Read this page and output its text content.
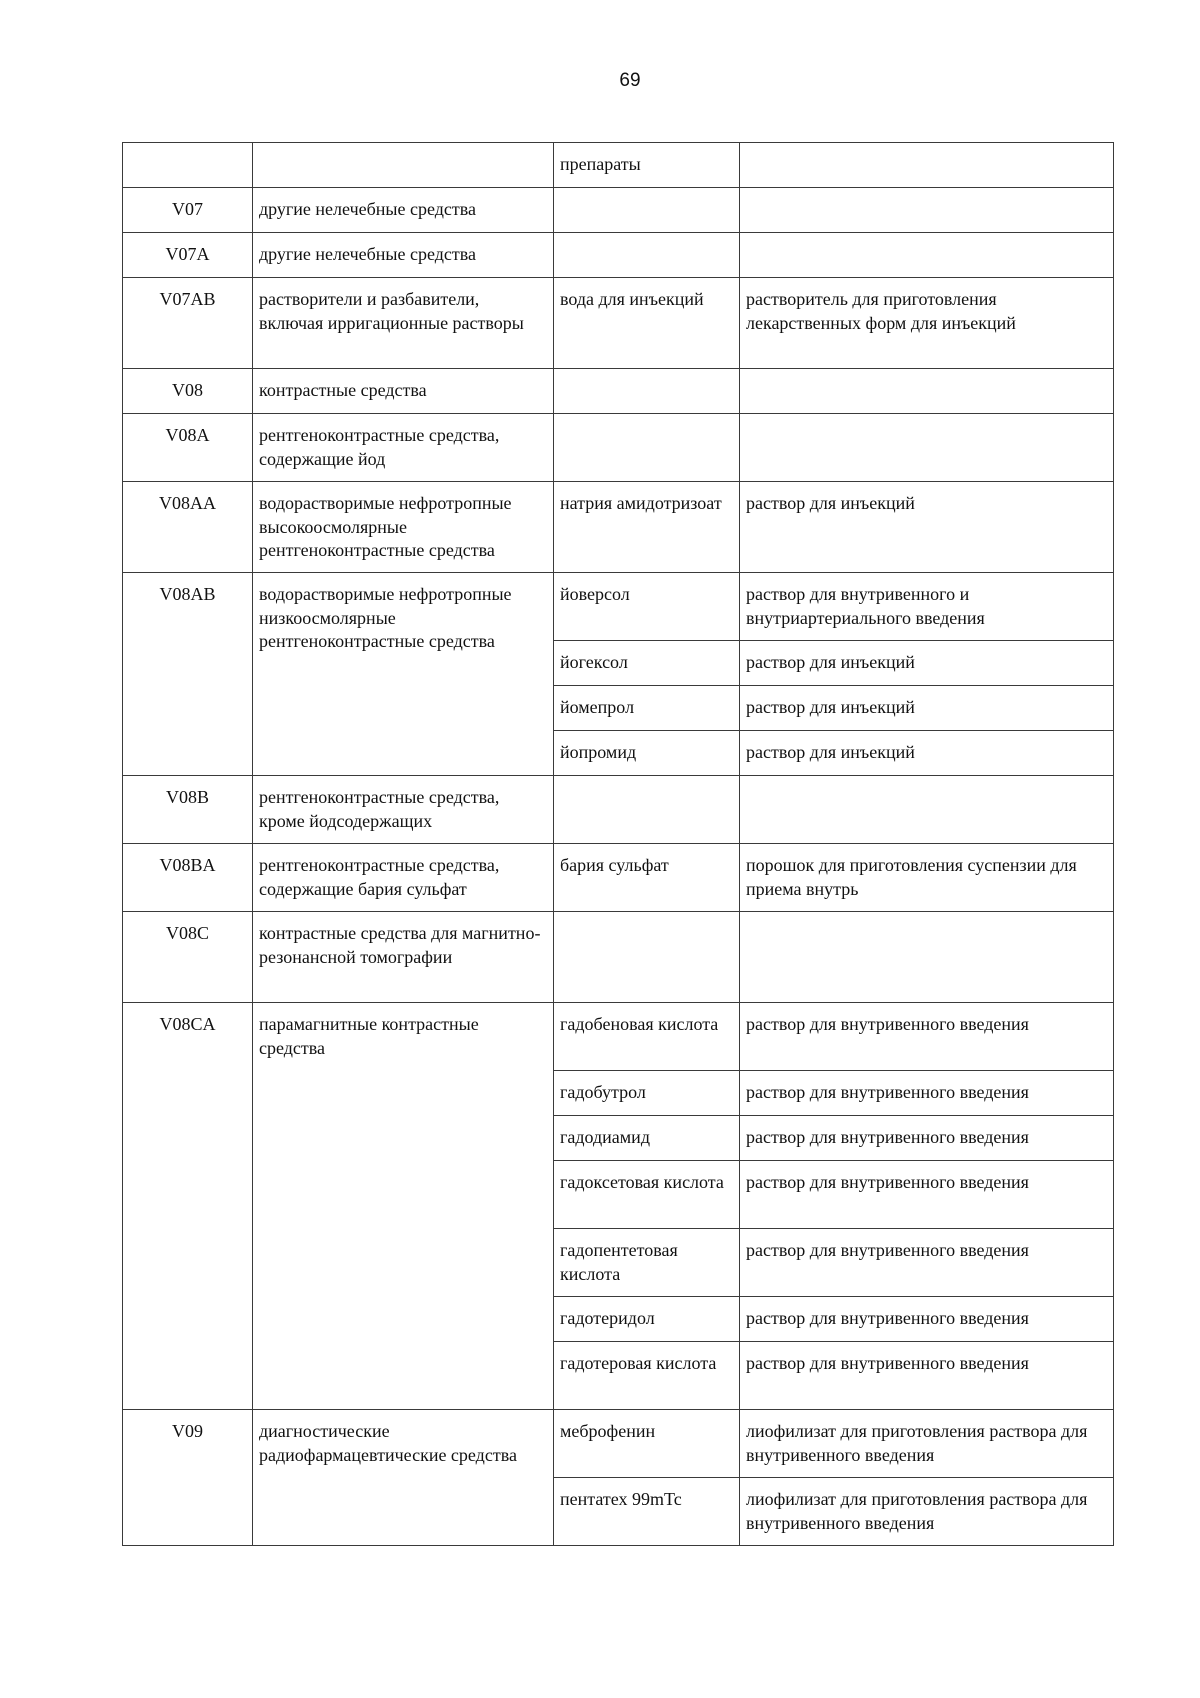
69
		препараты	
V07	другие нелечебные средства		
V07A	другие нелечебные средства		
V07AB	растворители и разбавители, включая ирригационные растворы	вода для инъекций	растворитель для приготовления лекарственных форм для инъекций
V08	контрастные средства		
V08A	рентгеноконтрастные средства, содержащие йод		
V08AA	водорастворимые нефротропные высокоосмолярные рентгеноконтрастные средства	натрия амидотризоат	раствор для инъекций
V08AB	водорастворимые нефротропные низкоосмолярные рентгеноконтрастные средства	йоверсол	раствор для внутривенного и внутриартериального введения
		йогексол	раствор для инъекций
		йомепрол	раствор для инъекций
		йопромид	раствор для инъекций
V08B	рентгеноконтрастные средства, кроме йодсодержащих		
V08BA	рентгеноконтрастные средства, содержащие бария сульфат	бария сульфат	порошок для приготовления суспензии для приема внутрь
V08C	контрастные средства для магнитно-резонансной томографии		
V08CA	парамагнитные контрастные средства	гадобеновая кислота	раствор для внутривенного введения
		гадобутрол	раствор для внутривенного введения
		гадодиамид	раствор для внутривенного введения
		гадоксетовая кислота	раствор для внутривенного введения
		гадопентетовая кислота	раствор для внутривенного введения
		гадотеридол	раствор для внутривенного введения
		гадотеровая кислота	раствор для внутривенного введения
V09	диагностические радиофармацевтические средства	меброфенин	лиофилизат для приготовления раствора для внутривенного введения
		пентатех 99mTc	лиофилизат для приготовления раствора для внутривенного введения
